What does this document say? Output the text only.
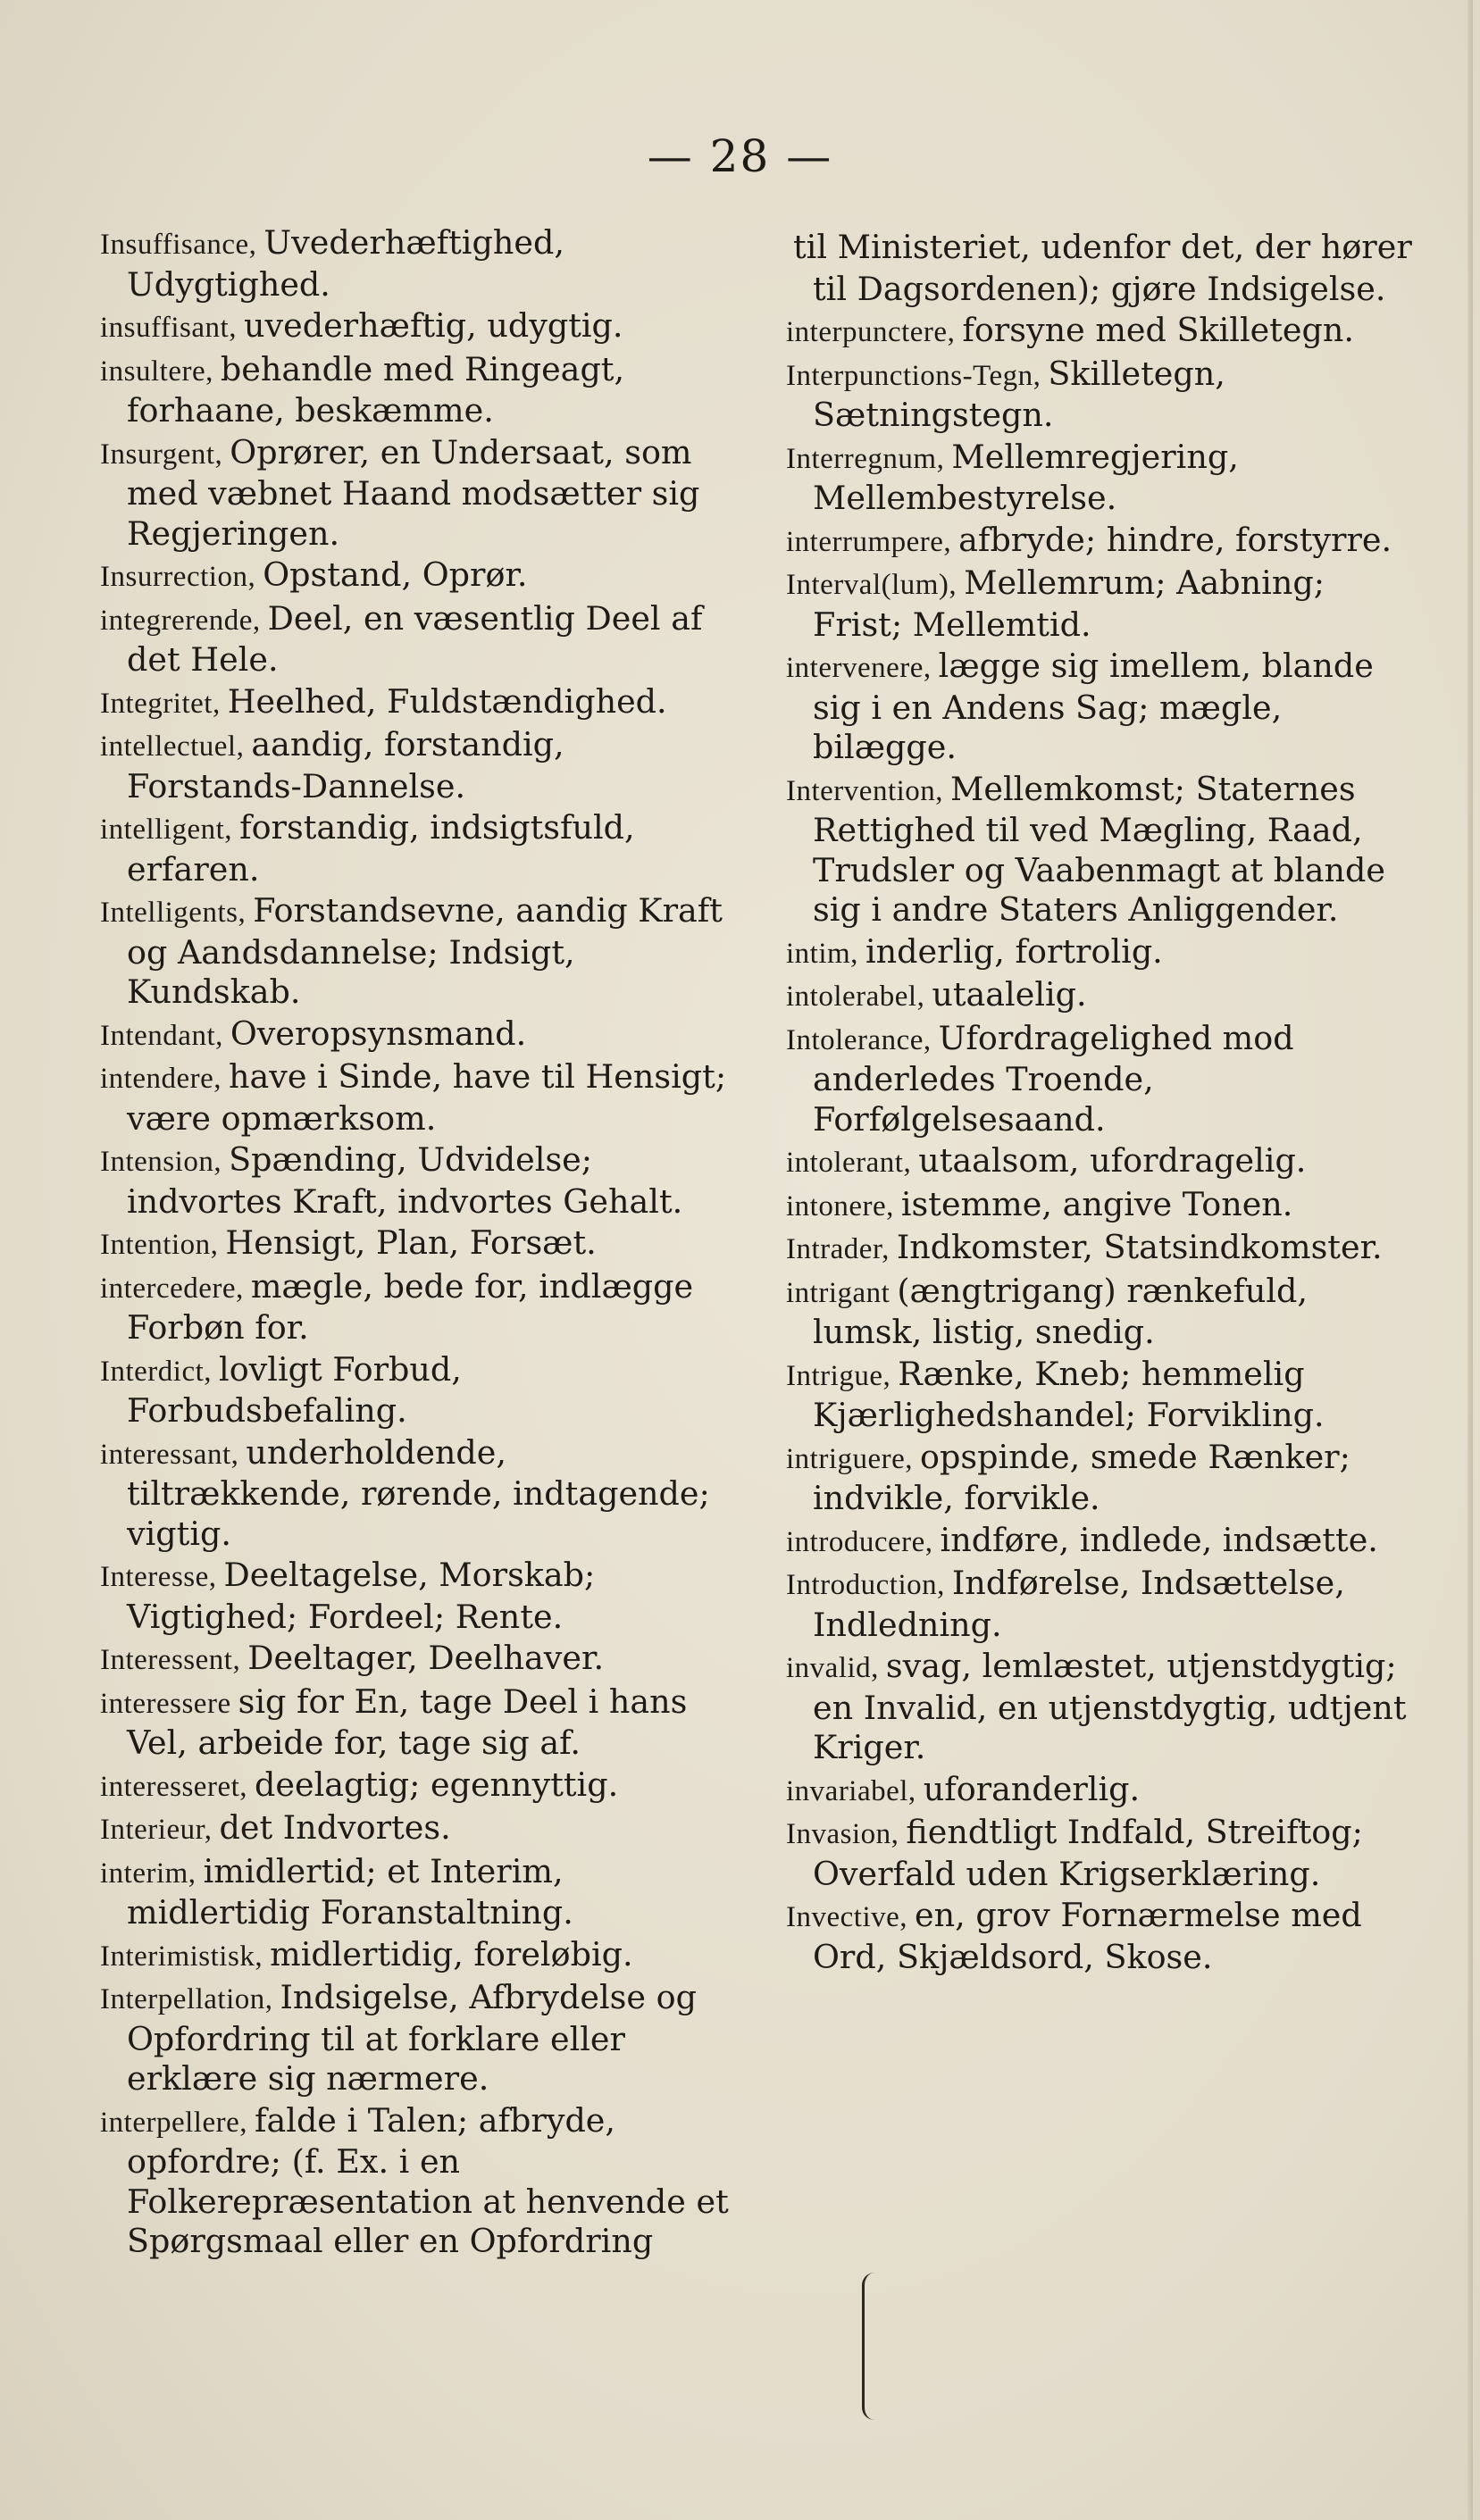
— 28 —

Insuffisance, Uvederhæftighed, Udygtighed.

insuffisant, uvederhæftig, udygtig.

insultere, behandle med Ringeagt, forhaane, beskæmme.

Insurgent, Oprører, en Undersaat, som med væbnet Haand modsætter sig Regjeringen.

Insurrection, Opstand, Oprør.

integrerende, Deel, en væsentlig Deel af det Hele.

Integritet, Heelhed, Fuldstændighed.

intellectuel, aandig, forstandig, Forstands-Dannelse.

intelligent, forstandig, indsigtsfuld, erfaren.

Intelligents, Forstandsevne, aandig Kraft og Aandsdannelse; Indsigt, Kundskab.

Intendant, Overopsynsmand.

intendere, have i Sinde, have til Hensigt; være opmærksom.

Intension, Spænding, Udvidelse; indvortes Kraft, indvortes Gehalt.

Intention, Hensigt, Plan, Forsæt.

intercedere, mægle, bede for, indlægge Forbøn for.

Interdict, lovligt Forbud, Forbudsbefaling.

interessant, underholdende, tiltrækkende, rørende, indtagende; vigtig.

Interesse, Deeltagelse, Morskab; Vigtighed; Fordeel; Rente.

Interessent, Deeltager, Deelhaver.

interessere sig for En, tage Deel i hans Vel, arbeide for, tage sig af.

interesseret, deelagtig; egennyttig.

Interieur, det Indvortes.

interim, imidlertid; et Interim, midlertidig Foranstaltning.

Interimistisk, midlertidig, foreløbig.

Interpellation, Indsigelse, Afbrydelse og Opfordring til at forklare eller erklære sig nærmere.

interpellere, falde i Talen; afbryde, opfordre; (f. Ex. i en Folkerepræsentation at henvende et Spørgsmaal eller en Opfordring

til Ministeriet, udenfor det, der hører til Dagsordenen); gjøre Indsigelse.

interpunctere, forsyne med Skilletegn.

Interpunctions-Tegn, Skilletegn, Sætningstegn.

Interregnum, Mellemregjering, Mellembestyrelse.

interrumpere, afbryde; hindre, forstyrre.

Interval(lum), Mellemrum; Aabning; Frist; Mellemtid.

intervenere, lægge sig imellem, blande sig i en Andens Sag; mægle, bilægge.

Intervention, Mellemkomst; Staternes Rettighed til ved Mægling, Raad, Trudsler og Vaabenmagt at blande sig i andre Staters Anliggender.

intim, inderlig, fortrolig.

intolerabel, utaalelig.

Intolerance, Ufordragelighed mod anderledes Troende, Forfølgelsesaand.

intolerant, utaalsom, ufordragelig.

intonere, istemme, angive Tonen.

Intrader, Indkomster, Statsindkomster.

intrigant (ængtrigang) rænkefuld, lumsk, listig, snedig.

Intrigue, Rænke, Kneb; hemmelig Kjærlighedshandel; Forvikling.

intriguere, opspinde, smede Rænker; indvikle, forvikle.

introducere, indføre, indlede, indsætte.

Introduction, Indførelse, Indsættelse, Indledning.

invalid, svag, lemlæstet, utjenstdygtig; en Invalid, en utjenstdygtig, udtjent Kriger.

invariabel, uforanderlig.

Invasion, fiendtligt Indfald, Streiftog; Overfald uden Krigserklæring.

Invective, en, grov Fornærmelse med Ord, Skjældsord, Skose.
